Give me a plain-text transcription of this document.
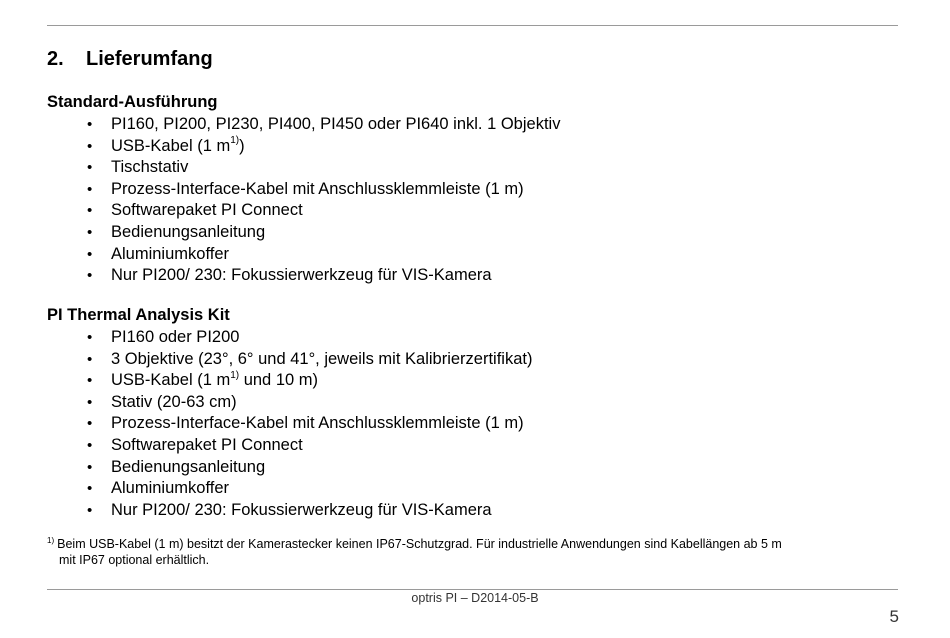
2. Lieferumfang

Standard-Ausführung

• PI160, PI200, PI230, PI400, PI450 oder PI640 inkl. 1 Objektiv
• USB-Kabel (1 $m^{1)}$)
• Tischstativ
• Prozess-Interface-Kabel mit Anschlussklemmleiste (1 m)
• Softwarepaket PI Connect
• Bedienungsanleitung
• Aluminiumkoffer
• Nur PI200/ 230: Fokussierwerkzeug für VIS-Kamera

PI Thermal Analysis Kit

• PI160 oder PI200
• 3 Objektive (23°, 6° und 41°, jeweils mit Kalibrierzertifikat)
• USB-Kabel (1 $m^{1)}$ und 10 m)
• Stativ (20-63 cm)
• Prozess-Interface-Kabel mit Anschlussklemmleiste (1 m)
• Softwarepaket PI Connect
• Bedienungsanleitung
• Aluminiumkoffer
• Nur PI200/ 230: Fokussierwerkzeug für VIS-Kamera

$^{1)}$ Beim USB-Kabel (1 m) besitzt der Kamerastecker keinen IP67-Schutzgrad. Für industrielle Anwendungen sind Kabellängen ab 5 m
mit IP67 optional erhältlich.

optris PI – D2014-05-B
5
